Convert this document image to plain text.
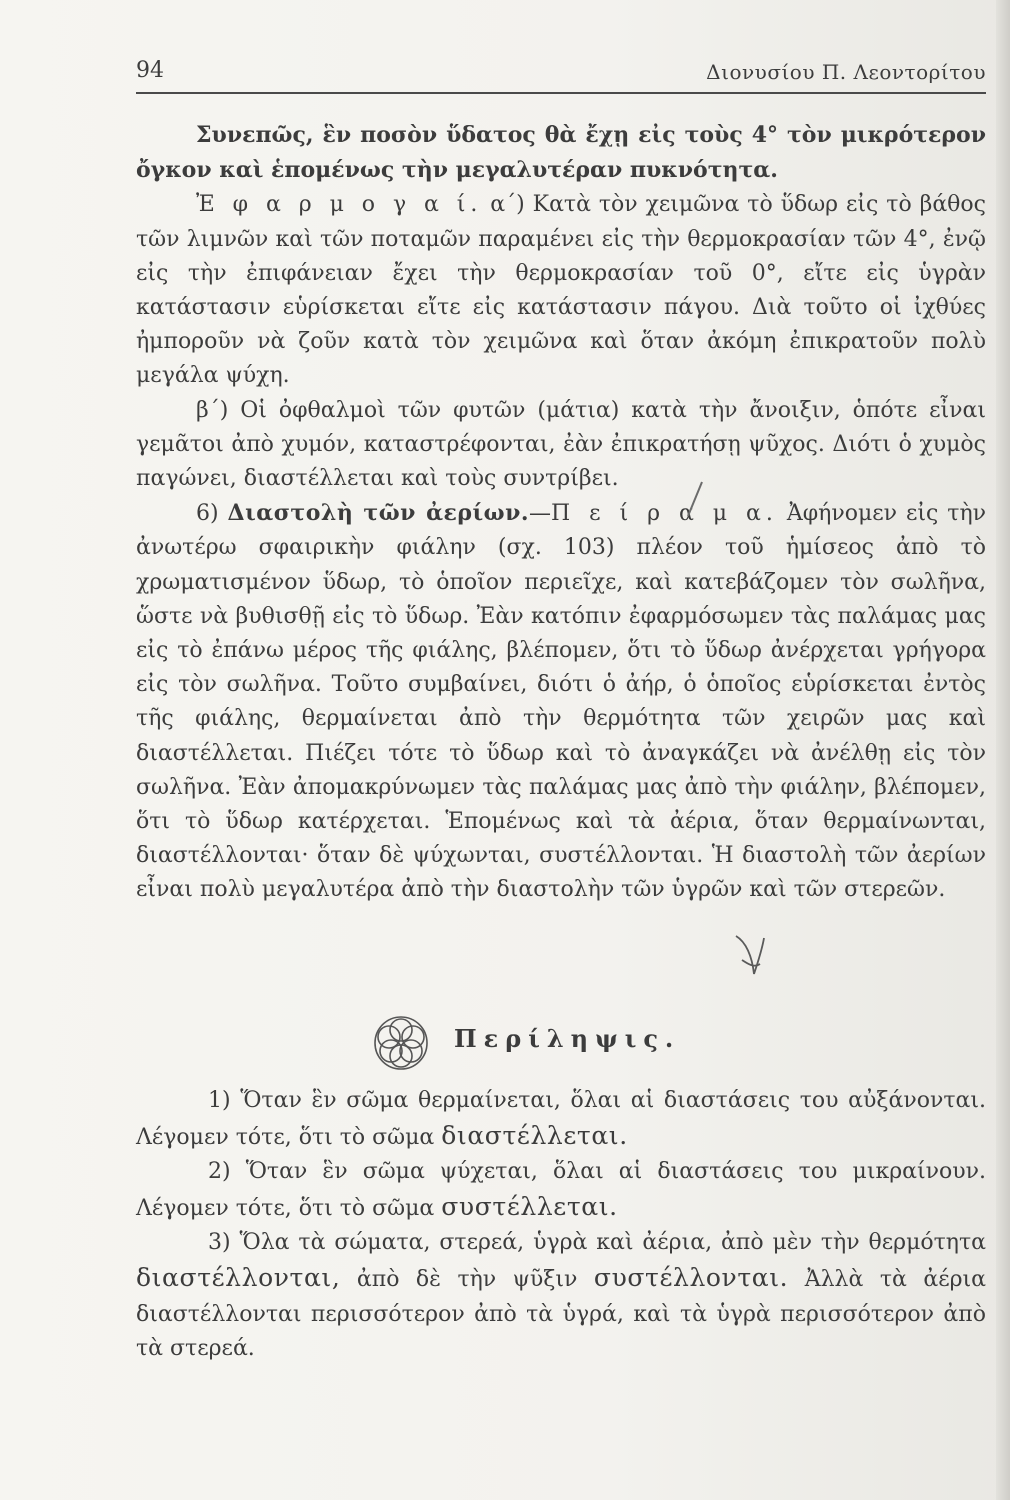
94	Διονυσίου Π. Λεοντορίτου

Συνεπῶς, ἓν ποσὸν ὕδατος θὰ ἔχῃ εἰς τοὺς 4° τὸν μικρότερον ὄγκον καὶ ἑπομένως τὴν μεγαλυτέραν πυκνότητα.

Ἐ φ α ρ μ ο γ α ί. α΄) Κατὰ τὸν χειμῶνα τὸ ὕδωρ εἰς τὸ βάθος τῶν λιμνῶν καὶ τῶν ποταμῶν παραμένει εἰς τὴν θερμοκρασίαν τῶν 4°, ἐνῷ εἰς τὴν ἐπιφάνειαν ἔχει τὴν θερμοκρασίαν τοῦ 0°, εἴτε εἰς ὑγρὰν κατάστασιν εὑρίσκεται εἴτε εἰς κατάστασιν πάγου. Διὰ τοῦτο οἱ ἰχθύες ἠμποροῦν νὰ ζοῦν κατὰ τὸν χειμῶνα καὶ ὅταν ἀκόμη ἐπικρατοῦν πολὺ μεγάλα ψύχη.

β΄) Οἱ ὀφθαλμοὶ τῶν φυτῶν (μάτια) κατὰ τὴν ἄνοιξιν, ὁπότε εἶναι γεμᾶτοι ἀπὸ χυμόν, καταστρέφονται, ἐὰν ἐπικρατήσῃ ψῦχος. Διότι ὁ χυμὸς παγώνει, διαστέλλεται καὶ τοὺς συντρίβει.

6) Διαστολὴ τῶν ἀερίων.—Π ε ί ρ α μ α. Ἀφήνομεν εἰς τὴν ἀνωτέρω σφαιρικὴν φιάλην (σχ. 103) πλέον τοῦ ἡμίσεος ἀπὸ τὸ χρωματισμένον ὕδωρ, τὸ ὁποῖον περιεῖχε, καὶ κατεβάζομεν τὸν σωλῆνα, ὥστε νὰ βυθισθῇ εἰς τὸ ὕδωρ. Ἐὰν κατόπιν ἐφαρμόσωμεν τὰς παλάμας μας εἰς τὸ ἐπάνω μέρος τῆς φιάλης, βλέπομεν, ὅτι τὸ ὕδωρ ἀνέρχεται γρήγορα εἰς τὸν σωλῆνα. Τοῦτο συμβαίνει, διότι ὁ ἀήρ, ὁ ὁποῖος εὑρίσκεται ἐντὸς τῆς φιάλης, θερμαίνεται ἀπὸ τὴν θερμότητα τῶν χειρῶν μας καὶ διαστέλλεται. Πιέζει τότε τὸ ὕδωρ καὶ τὸ ἀναγκάζει νὰ ἀνέλθῃ εἰς τὸν σωλῆνα. Ἐὰν ἀπομακρύνωμεν τὰς παλάμας μας ἀπὸ τὴν φιάλην, βλέπομεν, ὅτι τὸ ὕδωρ κατέρχεται. Ἑπομένως καὶ τὰ ἀέρια, ὅταν θερμαίνωνται, διαστέλλονται· ὅταν δὲ ψύχωνται, συστέλλονται. Ἡ διαστολὴ τῶν ἀερίων εἶναι πολὺ μεγαλυτέρα ἀπὸ τὴν διαστολὴν τῶν ὑγρῶν καὶ τῶν στερεῶν.

Περίληψις.

1) Ὅταν ἓν σῶμα θερμαίνεται, ὅλαι αἱ διαστάσεις του αὐξάνονται. Λέγομεν τότε, ὅτι τὸ σῶμα διαστέλλεται.

2) Ὅταν ἓν σῶμα ψύχεται, ὅλαι αἱ διαστάσεις του μικραίνουν. Λέγομεν τότε, ὅτι τὸ σῶμα συστέλλεται.

3) Ὅλα τὰ σώματα, στερεά, ὑγρὰ καὶ ἀέρια, ἀπὸ μὲν τὴν θερμότητα διαστέλλονται, ἀπὸ δὲ τὴν ψῦξιν συστέλλονται. Ἀλλὰ τὰ ἀέρια διαστέλλονται περισσότερον ἀπὸ τὰ ὑγρά, καὶ τὰ ὑγρὰ περισσότερον ἀπὸ τὰ στερεά.
